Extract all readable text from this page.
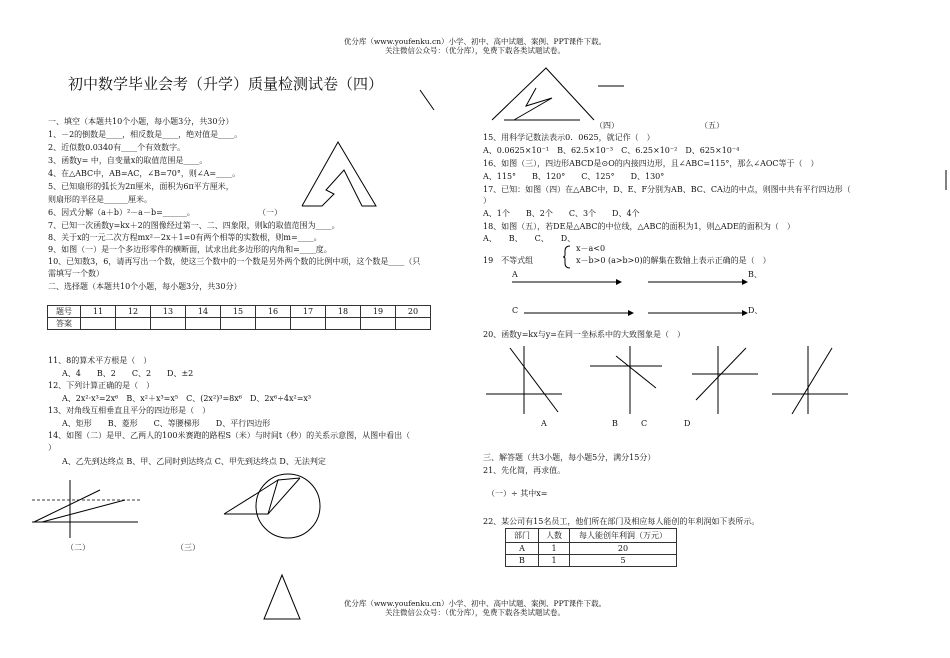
优分库（www.youfenku.cn）小学、初中、高中试题、案例、PPT课件下载。
关注微信公众号：（优分库），免费下载各类试题试卷。
初中数学毕业会考（升学）质量检测试卷（四）
一、填空（本题共10个小题，每小题3分，共30分）
1、－2的倒数是____，相反数是____，绝对值是____。
2、近似数0.0340有____个有效数字。
3、函数y= 中，自变量x的取值范围是____。
4、在△ABC中，AB=AC，∠B=70°，则∠A=____。
5、已知扇形的弧长为2π厘米，面积为6π平方厘米，
则扇形的半径是______厘米。
6、因式分解（a＋b）²－a－b=______。	（一）
7、已知一次函数y=kx＋2的图像经过第一、二、四象限，则k的取值范围为____。
8、关于x的一元二次方程mx²－2x＋1=0有两个相等的实数根，则m=____。
9、如图（一）是一个多边形零件的横断面，试求出此多边形的内角和=____度。
10、已知数3，6，请再写出一个数，使这三个数中的一个数是另外两个数的比例中项，这个数是____（只
需填写一个数）
二、选择题（本题共10个小题，每小题3分，共30分）
题号	11	12	13	14	15	16	17	18	19	20
答案										
11、8的算术平方根是（　）
A、4　　B、2　　C、2　　D、±2
12、下列计算正确的是（　）
A、2x²·x³=2x⁶　B、x²＋x³=x⁵　C、(2x²)³=8x⁶　D、2x⁶÷4x²=x³
13、对角线互相垂直且平分的四边形是（　）
A、矩形　　B、菱形　　C、等腰梯形　　D、平行四边形
14、如图（二）是甲、乙两人的100米赛跑的路程S（米）与时间t（秒）的关系示意图，从图中看出（
）
A、乙先到达终点 B、甲、乙同时到达终点 C、甲先到达终点 D、无法判定
（二）	（三）
（四）	（五）
15、用科学记数法表示0．0625，就记作（　）
A、0.0625×10⁻¹　B、62.5×10⁻³　C、6.25×10⁻²　D、625×10⁻⁴
16、如图（三），四边形ABCD是⊙O的内接四边形，且∠ABC=115°，那么∠AOC等于（　）
A、115°　　B、120°　　C、125°　　D、130°
17、已知：如图（四）在△ABC中，D、E、F分别为AB、BC、CA边的中点，则图中共有平行四边形（
）
A、1个　　B、2个　　C、3个　　D、4个
18、如图（五），若DE是△ABC的中位线，△ABC的面积为1，则△ADE的面积为（　）
A、　　B、　　C、　　D、
19　不等式组
x－a<0
x－b>0 (a>b>0)的解集在数轴上表示正确的是（　）
A	B、
C	D、
20、函数y=kx与y=在同一坐标系中的大致图象是（　）
A	B	C	D
三、解答题（共3小题，每小题5分，满分15分）
21、先化简，再求值。
（一）÷ 其中x=
22、某公司有15名员工，他们所在部门及相应每人能创的年利润如下表所示。
部门	人数	每人能创年利润（万元）
A	1	20
B	1	5
优分库（www.youfenku.cn）小学、初中、高中试题、案例、PPT课件下载。
关注微信公众号：（优分库），免费下载各类试题试卷。
